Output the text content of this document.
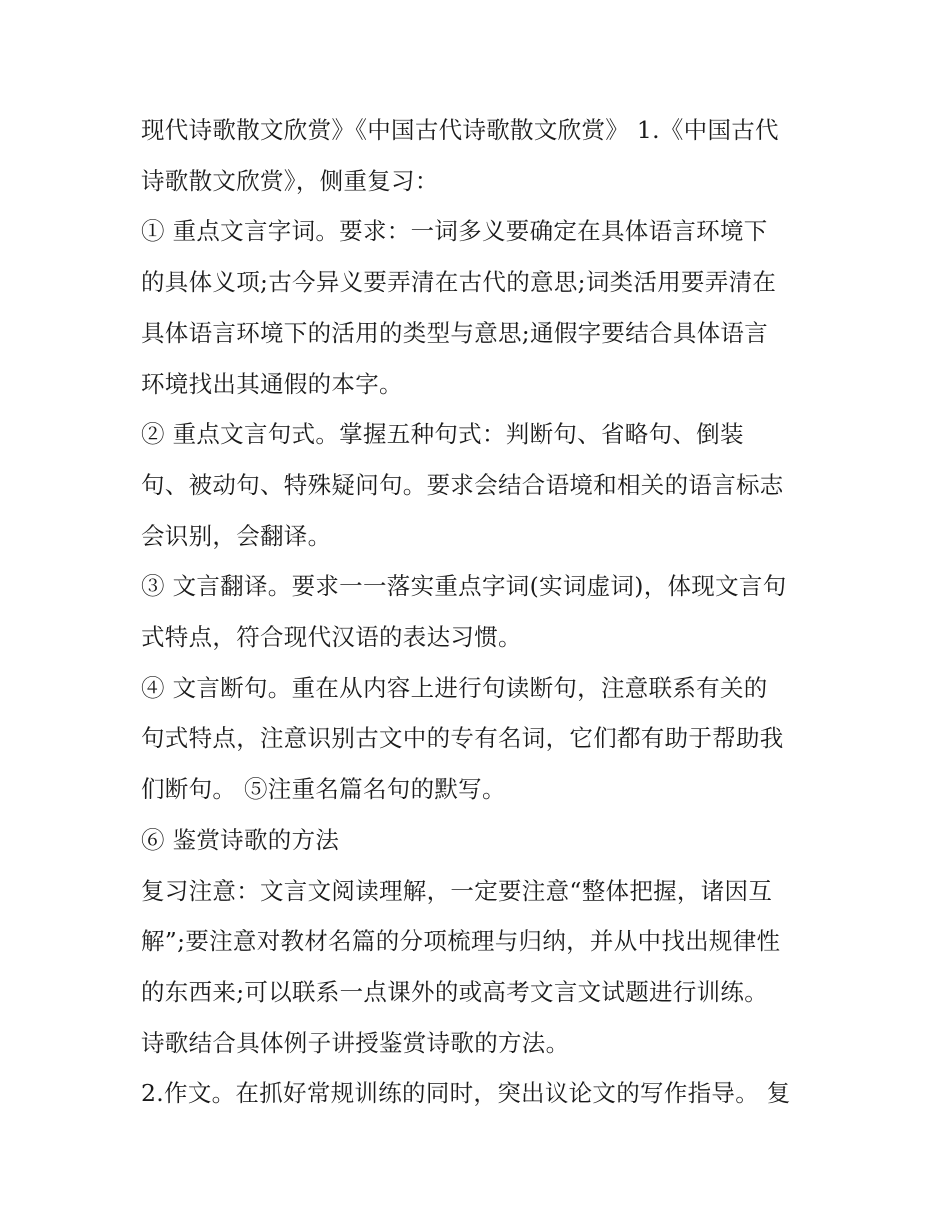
现代诗歌散文欣赏》《中国古代诗歌散文欣赏》 1.《中国古代

诗歌散文欣赏》，侧重复习：

① 重点文言字词。要求：一词多义要确定在具体语言环境下

的具体义项;古今异义要弄清在古代的意思;词类活用要弄清在

具体语言环境下的活用的类型与意思;通假字要结合具体语言

环境找出其通假的本字。

② 重点文言句式。掌握五种句式：判断句、省略句、倒装

句、被动句、特殊疑问句。要求会结合语境和相关的语言标志

会识别，会翻译。

③ 文言翻译。要求一一落实重点字词(实词虚词)，体现文言句

式特点，符合现代汉语的表达习惯。

④ 文言断句。重在从内容上进行句读断句，注意联系有关的

句式特点，注意识别古文中的专有名词，它们都有助于帮助我

们断句。 ⑤注重名篇名句的默写。

⑥ 鉴赏诗歌的方法

复习注意：文言文阅读理解，一定要注意“整体把握，诸因互

解”;要注意对教材名篇的分项梳理与归纳，并从中找出规律性

的东西来;可以联系一点课外的或高考文言文试题进行训练。

诗歌结合具体例子讲授鉴赏诗歌的方法。

2.作文。在抓好常规训练的同时，突出议论文的写作指导。 复
